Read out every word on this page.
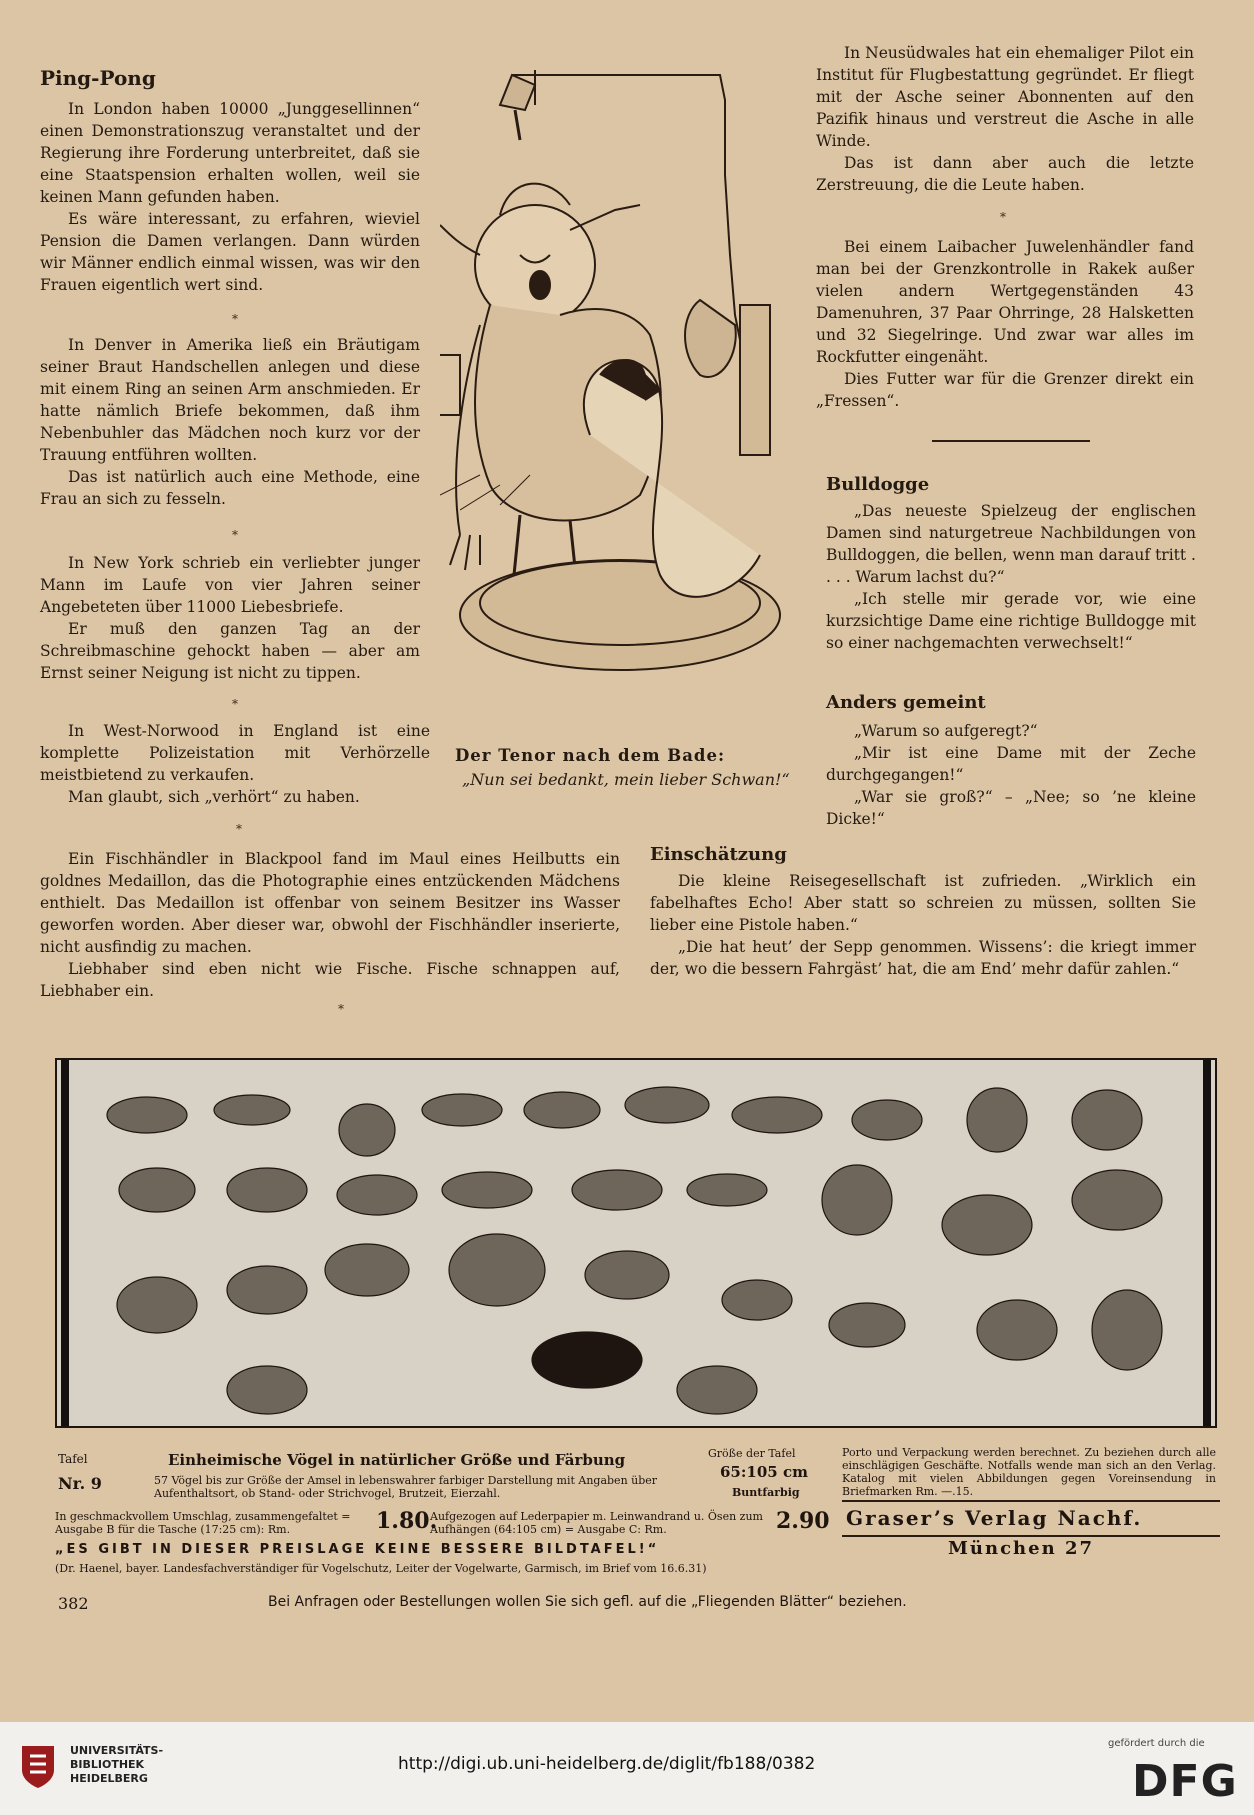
Ping-Pong

In London haben 10000 „Junggesellinnen“ einen Demonstrationszug veranstaltet und der Regierung ihre Forderung unterbreitet, daß sie eine Staatspension erhalten wollen, weil sie keinen Mann gefunden haben.

Es wäre interessant, zu erfahren, wieviel Pension die Damen verlangen. Dann würden wir Männer endlich einmal wissen, was wir den Frauen eigentlich wert sind.

*

In Denver in Amerika ließ ein Bräutigam seiner Braut Handschellen anlegen und diese mit einem Ring an seinen Arm anschmieden. Er hatte nämlich Briefe bekommen, daß ihm Nebenbuhler das Mädchen noch kurz vor der Trauung entführen wollten.

Das ist natürlich auch eine Methode, eine Frau an sich zu fesseln.

*

In New York schrieb ein verliebter junger Mann im Laufe von vier Jahren seiner Angebeteten über 11000 Liebesbriefe.

Er muß den ganzen Tag an der Schreibmaschine gehockt haben — aber am Ernst seiner Neigung ist nicht zu tippen.

*

In West-Norwood in England ist eine komplette Polizeistation mit Verhörzelle meistbietend zu verkaufen.

Man glaubt, sich „verhört“ zu haben.

*

Ein Fischhändler in Blackpool fand im Maul eines Heilbutts ein goldnes Medaillon, das die Photographie eines entzückenden Mädchens enthielt. Das Medaillon ist offenbar von seinem Besitzer ins Wasser geworfen worden. Aber dieser war, obwohl der Fischhändler inserierte, nicht ausfindig zu machen.

Liebhaber sind eben nicht wie Fische. Fische schnappen auf, Liebhaber ein.

*
Der Tenor nach dem Bade:
„Nun sei bedankt, mein lieber Schwan!“

In Neusüdwales hat ein ehemaliger Pilot ein Institut für Flugbestattung gegründet. Er fliegt mit der Asche seiner Abonnenten auf den Pazifik hinaus und verstreut die Asche in alle Winde.

Das ist dann aber auch die letzte Zerstreuung, die die Leute haben.

*

Bei einem Laibacher Juwelenhändler fand man bei der Grenzkontrolle in Rakek außer vielen andern Wertgegenständen 43 Damenuhren, 37 Paar Ohrringe, 28 Halsketten und 32 Siegelringe. Und zwar war alles im Rockfutter eingenäht.

Dies Futter war für die Grenzer direkt ein „Fressen“.

Bulldogge

„Das neueste Spielzeug der englischen Damen sind naturgetreue Nachbildungen von Bulldoggen, die bellen, wenn man darauf tritt . . . . Warum lachst du?“

„Ich stelle mir gerade vor, wie eine kurzsichtige Dame eine richtige Bulldogge mit so einer nachgemachten verwechselt!“

Anders gemeint

„Warum so aufgeregt?“

„Mir ist eine Dame mit der Zeche durchgegangen!“

„War sie groß?“ – „Nee; so ’ne kleine Dicke!“

Einschätzung

Die kleine Reisegesellschaft ist zufrieden. „Wirklich ein fabelhaftes Echo! Aber statt so schreien zu müssen, sollten Sie lieber eine Pistole haben.“

„Die hat heut’ der Sepp genommen. Wissens’: die kriegt immer der, wo die bessern Fahrgäst’ hat, die am End’ mehr dafür zahlen.“

Tafel
Nr. 9
Einheimische Vögel in natürlicher Größe und Färbung
57 Vögel bis zur Größe der Amsel in lebenswahrer farbiger Darstellung mit Angaben über Aufenthaltsort, ob Stand- oder Strichvogel, Brutzeit, Eierzahl.
Größe der Tafel
65:105 cm
Buntfarbig
Porto und Verpackung werden berechnet. Zu beziehen durch alle einschlägigen Geschäfte. Notfalls wende man sich an den Verlag. Katalog mit vielen Abbildungen gegen Voreinsendung in Briefmarken Rm. —.15.
In geschmackvollem Umschlag, zusammengefaltet = Ausgabe B für die Tasche (17:25 cm): Rm.	1.80.
Aufgezogen auf Lederpapier m. Leinwandrand u. Ösen zum Aufhängen (64:105 cm) = Ausgabe C: Rm.	2.90 Graser’s Verlag Nachf.
München 27
„ES GIBT IN DIESER PREISLAGE KEINE BESSERE BILDTAFEL!“
(Dr. Haenel, bayer. Landesfachverständiger für Vogelschutz, Leiter der Vogelwarte, Garmisch, im Brief vom 16.6.31)
382	Bei Anfragen oder Bestellungen wollen Sie sich gefl. auf die „Fliegenden Blätter“ beziehen.
UNIVERSITÄTS-
BIBLIOTHEK
HEIDELBERG
http://digi.ub.uni-heidelberg.de/diglit/fb188/0382
gefördert durch die
DFG
